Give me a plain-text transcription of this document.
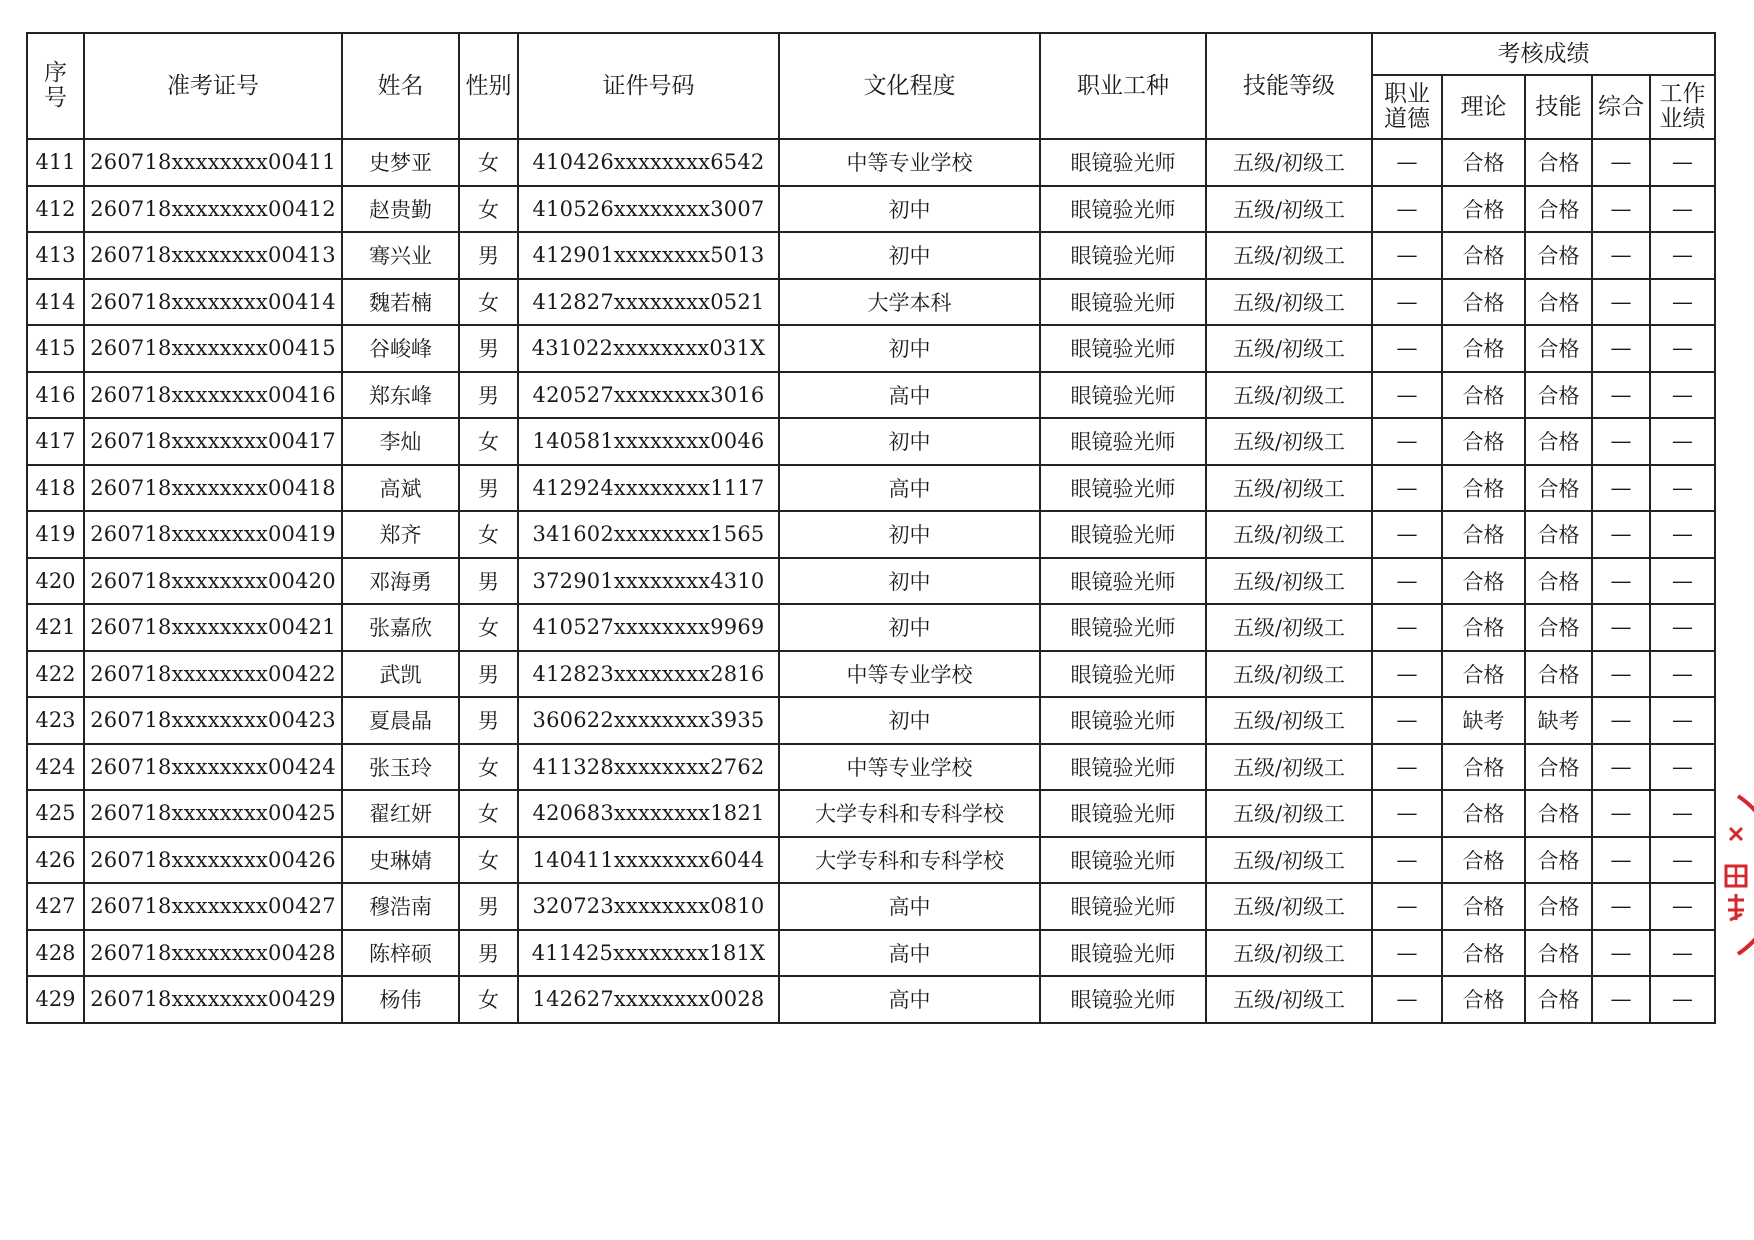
序号	准考证号	姓名	性别	证件号码	文化程度	职业工种	技能等级	考核成绩				
								职业道德	理论	技能	综合	工作业绩
411	260718xxxxxxxx00411	史梦亚	女	410426xxxxxxxx6542	中等专业学校	眼镜验光师	五级/初级工	—	合格	合格	—	—
412	260718xxxxxxxx00412	赵贵勤	女	410526xxxxxxxx3007	初中	眼镜验光师	五级/初级工	—	合格	合格	—	—
413	260718xxxxxxxx00413	骞兴业	男	412901xxxxxxxx5013	初中	眼镜验光师	五级/初级工	—	合格	合格	—	—
414	260718xxxxxxxx00414	魏若楠	女	412827xxxxxxxx0521	大学本科	眼镜验光师	五级/初级工	—	合格	合格	—	—
415	260718xxxxxxxx00415	谷峻峰	男	431022xxxxxxxx031X	初中	眼镜验光师	五级/初级工	—	合格	合格	—	—
416	260718xxxxxxxx00416	郑东峰	男	420527xxxxxxxx3016	高中	眼镜验光师	五级/初级工	—	合格	合格	—	—
417	260718xxxxxxxx00417	李灿	女	140581xxxxxxxx0046	初中	眼镜验光师	五级/初级工	—	合格	合格	—	—
418	260718xxxxxxxx00418	高斌	男	412924xxxxxxxx1117	高中	眼镜验光师	五级/初级工	—	合格	合格	—	—
419	260718xxxxxxxx00419	郑齐	女	341602xxxxxxxx1565	初中	眼镜验光师	五级/初级工	—	合格	合格	—	—
420	260718xxxxxxxx00420	邓海勇	男	372901xxxxxxxx4310	初中	眼镜验光师	五级/初级工	—	合格	合格	—	—
421	260718xxxxxxxx00421	张嘉欣	女	410527xxxxxxxx9969	初中	眼镜验光师	五级/初级工	—	合格	合格	—	—
422	260718xxxxxxxx00422	武凯	男	412823xxxxxxxx2816	中等专业学校	眼镜验光师	五级/初级工	—	合格	合格	—	—
423	260718xxxxxxxx00423	夏晨晶	男	360622xxxxxxxx3935	初中	眼镜验光师	五级/初级工	—	缺考	缺考	—	—
424	260718xxxxxxxx00424	张玉玲	女	411328xxxxxxxx2762	中等专业学校	眼镜验光师	五级/初级工	—	合格	合格	—	—
425	260718xxxxxxxx00425	翟红妍	女	420683xxxxxxxx1821	大学专科和专科学校	眼镜验光师	五级/初级工	—	合格	合格	—	—
426	260718xxxxxxxx00426	史琳婧	女	140411xxxxxxxx6044	大学专科和专科学校	眼镜验光师	五级/初级工	—	合格	合格	—	—
427	260718xxxxxxxx00427	穆浩南	男	320723xxxxxxxx0810	高中	眼镜验光师	五级/初级工	—	合格	合格	—	—
428	260718xxxxxxxx00428	陈梓硕	男	411425xxxxxxxx181X	高中	眼镜验光师	五级/初级工	—	合格	合格	—	—
429	260718xxxxxxxx00429	杨伟	女	142627xxxxxxxx0028	高中	眼镜验光师	五级/初级工	—	合格	合格	—	—
